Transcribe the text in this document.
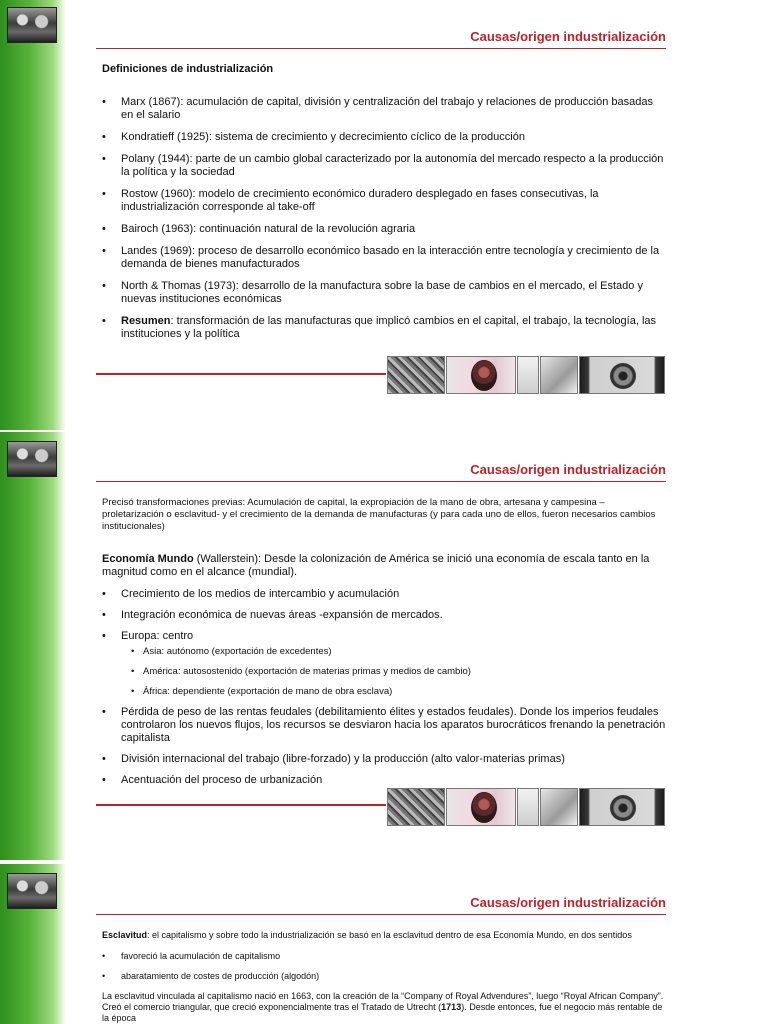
Causas/origen industrialización
Definiciones de industrialización
• Marx (1867): acumulación de capital, división y centralización del trabajo y relaciones de producción basadas en el salario
• Kondratieff (1925): sistema de crecimiento y decrecimiento cíclico de la producción
• Polany (1944): parte de un cambio global caracterizado por la autonomía del mercado respecto a la producción la política y la sociedad
• Rostow (1960): modelo de crecimiento económico duradero desplegado en fases consecutivas, la industrialización corresponde al take-off
• Bairoch (1963): continuación natural de la revolución agraria
• Landes (1969): proceso de desarrollo económico basado en la interacción entre tecnología y crecimiento de la demanda de bienes manufacturados
• North & Thomas (1973): desarrollo de la manufactura sobre la base de cambios en el mercado, el Estado y nuevas instituciones económicas
• Resumen: transformación de las manufacturas que implicó cambios en el capital, el trabajo, la tecnología, las instituciones y la política
Causas/origen industrialización

Precisó transformaciones previas: Acumulación de capital, la expropiación de la mano de obra, artesana y campesina – proletarización o esclavitud- y el crecimiento de la demanda de manufacturas (y para cada uno de ellos, fueron necesarios cambios institucionales)

Economía Mundo (Wallerstein): Desde la colonización de América se inició una economía de escala tanto en la magnitud como en el alcance (mundial).

• Crecimiento de los medios de intercambio y acumulación
• Integración económica de nuevas áreas -expansión de mercados.
• Europa: centro
• Asia: autónomo (exportación de excedentes)
• América: autosostenido (exportación de materias primas y medios de cambio)
• África: dependiente (exportación de mano de obra esclava)
• Pérdida de peso de las rentas feudales (debilitamiento élites y estados feudales). Donde los imperios feudales controlaron los nuevos flujos, los recursos se desviaron hacia los aparatos burocráticos frenando la penetración capitalista
• División internacional del trabajo (libre-forzado) y la producción (alto valor-materias primas)
• Acentuación del proceso de urbanización
Causas/origen industrialización

Esclavitud: el capitalismo y sobre todo la industrialización se basó en la esclavitud dentro de esa Economía Mundo, en dos sentidos

• favoreció la acumulación de capitalismo
• abaratamiento de costes de producción (algodón)

La esclavitud vinculada al capitalismo nació en 1663, con la creación de la “Company of Royal Advendures”, luego “Royal African Company”. Creó el comercio triangular, que creció exponencialmente tras el Tratado de Utrecht (1713). Desde entonces, fue el negocio más rentable de la época
